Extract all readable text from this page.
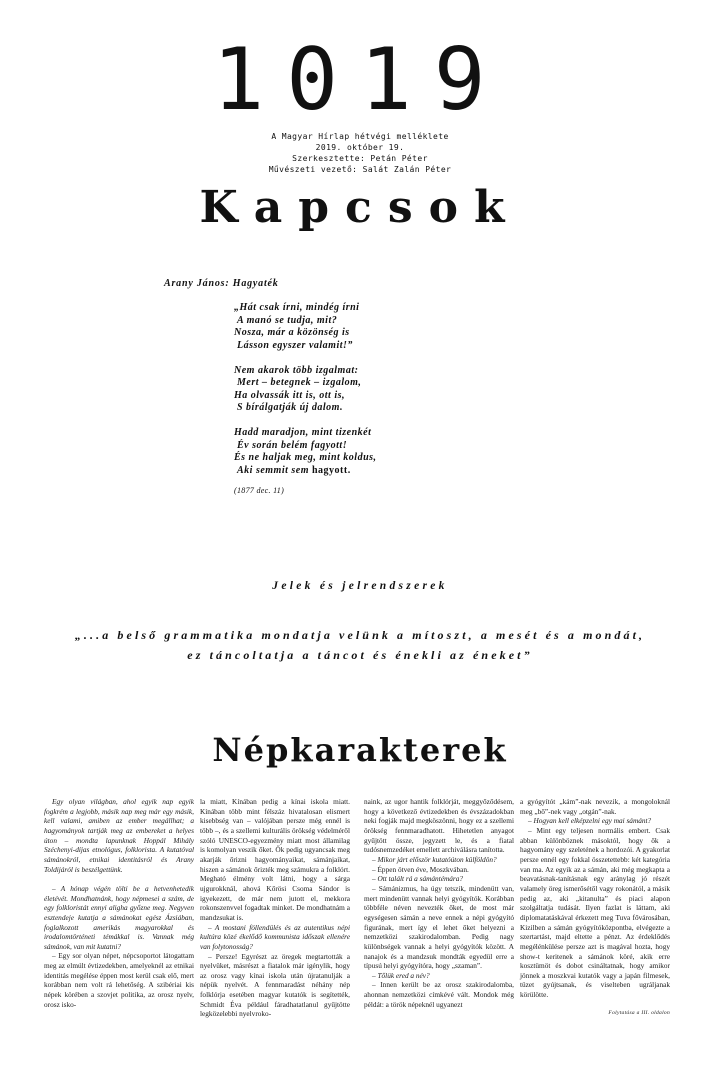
1019
A Magyar Hírlap hétvégi melléklete
2019. október 19.
Szerkesztette: Petán Péter
Művészeti vezető: Salát Zalán Péter
Kapcsok
Arany János: Hagyaték
„Hát csak írni, mindég írni
A manó se tudja, mit?
Nosza, már a közönség is
Lásson egyszer valamit!”
Nem akarok több izgalmat:
Mert – betegnek – izgalom,
Ha olvassák itt is, ott is,
S bírálgatják új dalom.
Hadd maradjon, mint tizenkét
Év során belém fagyott!
És ne haljak meg, mint koldus,
Aki semmit sem hagyott.
(1877 dec. 11)
Jelek és jelrendszerek
„...a belső grammatika mondatja velünk a mítoszt, a mesét és a mondát,
ez táncoltatja a táncot és énekli az éneket”
Népkarakterek

Egy olyan világban, ahol egyik nap egyik fogkrém a legjobb, másik nap meg már egy másik, kell valami, amiben az ember megállhat; a hagyományok tartják meg az embereket a helyes úton – mondta lapunknak Hoppál Mihály Széchenyi-díjas etnológus, folklorista. A kutatóval sámánokról, etnikai identitásról és Arany Toldijáról is beszélgettünk.

– A hónap végén tölti be a hetvenhetedik életévét. Mondhatnánk, hogy népmesei a szám, de egy folkloristát ennyi aligha győzne meg. Negyven esztendeje kutatja a sámánokat egész Ázsiában, foglalkozott amerikás magyarokkal és irodalomtörténeti témákkal is. Vannak még sámánok, van mit kutatni?

– Egy sor olyan népet, népcsoportot látogattam meg az elmúlt évtizedekben, amelyeknél az etnikai identitás megélése éppen most kerül csak elő, mert korábban nem volt rá lehetőség. A szibériai kis népek körében a szovjet politika, az orosz nyelv, orosz isko-

la miatt, Kínában pedig a kínai iskola miatt. Kínában több mint félszáz hivatalosan elismert kisebbség van – valójában persze még ennél is több –, és a szellemi kulturális örökség védelméről szóló UNESCO-egyezmény miatt most államilag is komolyan veszik őket. Ők pedig ugyancsak meg akarják őrizni hagyományaikat, sámánjaikat, hiszen a sámánok őrizték meg számukra a folklórt. Megható élmény volt látni, hogy a sárga ujgurokknál, ahová Kőrösi Csoma Sándor is igyekezett, de már nem jutott el, mekkora rokonszenvvel fogadtak minket. De mondhatnám a mandzsukat is.

– A mostani föllendülés és az autentikus népi kultúra közé ékelődő kommunista időszak ellenére van folytonosság?

– Persze! Egyrészt az öregek megtartották a nyelvüket, másrészt a fiatalok már igénylik, hogy az orosz vagy kínai iskola után újratanulják a népük nyelvét. A fennmaradást néhány nép folklórja esetében magyar kutatók is segítették, Schmidt Éva például fáradhatatlanul gyűjtötte legközelebbi nyelvroko-

naink, az ugor hantik folklórját, meggyőződésem, hogy a következő évtizedekben és évszázadokban neki fogják majd megköszönni, hogy ez a szellemi örökség fennmaradhatott. Hihetetlen anyagot gyűjtött össze, jegyzett le, és a fiatal tudósnemzedéket emellett archiválásra tanította.

– Mikor járt először kutatóúton külföldön?

– Éppen ötven éve, Moszkvában.

– Ott talált rá a sámántémára?

– Sámánizmus, ha úgy tetszik, mindenütt van, mert mindenütt vannak helyi gyógyítók. Korábban többféle néven nevezték őket, de most már egységesen sámán a neve ennek a népi gyógyító figurának, mert így el lehet őket helyezni a nemzetközi szakirodalomban. Pedig nagy különbségek vannak a helyi gyógyítók között. A nanajok és a mandzsuk mondták egyedül erre a típusú helyi gyógyítóra, hogy „szaman”.

– Tőlük ered a név?

– Innen került be az orosz szakirodalomba, ahonnan nemzetközi címkévé vált. Mondok még példát: a török népeknél ugyanezt

a gyógyítót „kám”-nak nevezik, a mongoloknál meg „bő”-nek vagy „otgán”-nak.

– Hogyan kell elképzelni egy mai sámánt?

– Mint egy teljesen normális embert. Csak abban különböznek másoktól, hogy ők a hagyomány egy szeletének a hordozói. A gyakorlat persze ennél egy fokkal összetettebb: két kategória van ma. Az egyik az a sámán, aki még megkapta a beavatásnak-tanításnak egy aránylag jó részét valamely öreg ismerősétől vagy rokonától, a másik pedig az, aki „kitanulta” és piaci alapon szolgáltatja tudását. Ilyen fazlat is láttam, aki diplomatatáskával érkezett meg Tuva fővárosában, Kizilben a sámán gyógyítóközpontba, elvégezte a szertartást, majd eltette a pénzt. Az érdeklődés megélénkülése persze azt is magával hozta, hogy show-t keritenek a sámánok köré, akik erre kosztümöt és dobot csináltatnak, hogy amikor jönnek a moszkvai kutatók vagy a japán filmesek, tüzet gyújtsanak, és viselteben ugráljanak körülötte.

Folytatása a III. oldalon
